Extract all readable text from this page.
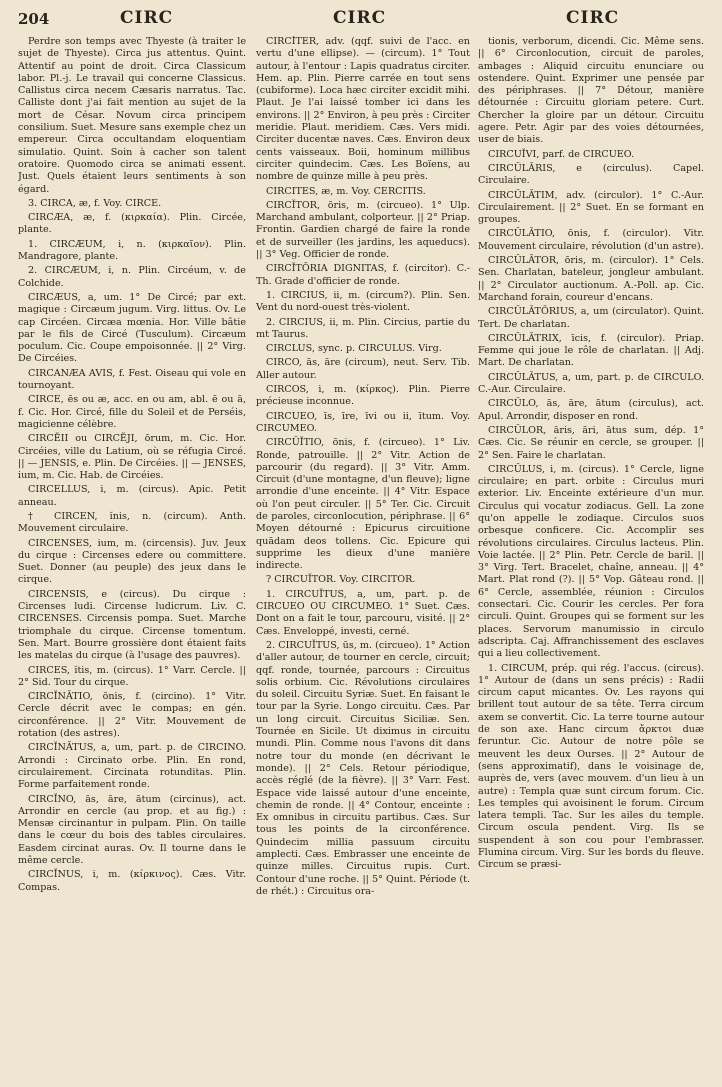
204	CIRC	CIRC	CIRC

Perdre son temps avec Thyeste (à traiter le sujet de Thyeste). Circa jus attentus. Quint. Attentif au point de droit. Circa Classicum labor. Pl.-j. Le travail qui concerne Classicus. Callistus circa necem Cæsaris narratus. Tac. Calliste dont j'ai fait mention au sujet de la mort de César. Novum circa principem consilium. Suet. Mesure sans exemple chez un empereur. Circa occultandam eloquentiam simulatio. Quint. Soin à cacher son talent oratoire. Quomodo circa se animati essent. Just. Quels étaient leurs sentiments à son égard.

3. CIRCA, æ, f. Voy. CIRCE.

CIRCÆA, æ, f. (κιρκαία). Plin. Circée, plante.

1. CIRCÆUM, i, n. (κιρκαῖον). Plin. Mandragore, plante.

2. CIRCÆUM, i, n. Plin. Circéum, v. de Colchide.

CIRCÆUS, a, um. 1° De Circé; par ext. magique : Circæum jugum. Virg. littus. Ov. Le cap Circéen. Circæa mœnia. Hor. Ville bâtie par le fils de Circé (Tusculum). Circæum poculum. Cic. Coupe empoisonnée. || 2° Virg. De Circéies.

CIRCANÆA AVIS, f. Fest. Oiseau qui vole en tournoyant.

CIRCE, ēs ou æ, acc. en ou am, abl. ē ou ā, f. Cic. Hor. Circé, fille du Soleil et de Perséis, magicienne célèbre.

CIRCĔII ou CIRCĔJI, ōrum, m. Cic. Hor. Circéies, ville du Latium, où se réfugia Circé. || — JENSIS, e. Plin. De Circéies. || — JENSES, ium, m. Cic. Hab. de Circéies.

CIRCELLUS, i, m. (circus). Apic. Petit anneau.

† CIRCEN, ĭnis, n. (circum). Anth. Mouvement circulaire.

CIRCENSES, ium, m. (circensis). Juv. Jeux du cirque : Circenses edere ou committere. Suet. Donner (au peuple) des jeux dans le cirque.

CIRCENSIS, e (circus). Du cirque : Circenses ludi. Circense ludicrum. Liv. C. CIRCENSES. Circensis pompa. Suet. Marche triomphale du cirque. Circense tomentum. Sen. Mart. Bourre grossière dont étaient faits les matelas du cirque (à l'usage des pauvres).

CIRCES, ĭtis, m. (circus). 1° Varr. Cercle. || 2° Sid. Tour du cirque.

CIRCĬNĀTIO, ōnis, f. (circino). 1° Vitr. Cercle décrit avec le compas; en gén. circonférence. || 2° Vitr. Mouvement de rotation (des astres).

CIRCĬNĀTUS, a, um, part. p. de CIRCINO. Arrondi : Circinato orbe. Plin. En rond, circulairement. Circinata rotunditas. Plin. Forme parfaitement ronde.

CIRCĬNO, ās, āre, ātum (circinus), act. Arrondir en cercle (au prop. et au fig.) : Mensæ circinantur in pulpam. Plin. On taille dans le cœur du bois des tables circulaires. Easdem circinat auras. Ov. Il tourne dans le même cercle.

CIRCĬNUS, i, m. (κίρκινος). Cæs. Vitr. Compas.

CIRCĬTER, adv. (qqf. suivi de l'acc. en vertu d'une ellipse). — (circum). 1° Tout autour, à l'entour : Lapis quadratus circiter. Hem. ap. Plin. Pierre carrée en tout sens (cubiforme). Loca hæc circiter excidit mihi. Plaut. Je l'ai laissé tomber ici dans les environs. || 2° Environ, à peu près : Circiter meridie. Plaut. meridiem. Cæs. Vers midi. Circiter ducentæ naves. Cæs. Environ deux cents vaisseaux. Boii, hominum millibus circiter quindecim. Cæs. Les Boïens, au nombre de quinze mille à peu près.

CIRCITES, æ, m. Voy. CERCITIS.

CIRCĬTOR, ōris, m. (circueo). 1° Ulp. Marchand ambulant, colporteur. || 2° Priap. Frontin. Gardien chargé de faire la ronde et de surveiller (les jardins, les aqueducs). || 3° Veg. Officier de ronde.

CIRCĬTŌRIA DIGNITAS, f. (circitor). C.-Th. Grade d'officier de ronde.

1. CIRCIUS, ii, m. (circum?). Plin. Sen. Vent du nord-ouest très-violent.

2. CIRCIUS, ii, m. Plin. Circius, partie du mt Taurus.

CIRCLUS, sync. p. CIRCULUS. Virg.

CIRCO, ās, āre (circum), neut. Serv. Tib. Aller autour.

CIRCOS, i, m. (κίρκος). Plin. Pierre précieuse inconnue.

CIRCUEO, īs, īre, īvi ou ii, ītum. Voy. CIRCUMEO.

CIRCŬĬTIO, ōnis, f. (circueo). 1° Liv. Ronde, patrouille. || 2° Vitr. Action de parcourir (du regard). || 3° Vitr. Amm. Circuit (d'une montagne, d'un fleuve); ligne arrondie d'une enceinte. || 4° Vitr. Espace où l'on peut circuler. || 5° Ter. Cic. Circuit de paroles, circonlocution, périphrase. || 6° Moyen détourné : Epicurus circuitione quādam deos tollens. Cic. Epicure qui supprime les dieux d'une manière indirecte.

? CIRCUĬTOR. Voy. CIRCITOR.

1. CIRCUĬTUS, a, um, part. p. de CIRCUEO OU CIRCUMEO. 1° Suet. Cæs. Dont on a fait le tour, parcouru, visité. || 2° Cæs. Enveloppé, investi, cerné.

2. CIRCUĬTUS, ūs, m. (circueo). 1° Action d'aller autour, de tourner en cercle, circuit; qqf. ronde, tournée, parcours : Circuitus solis orbium. Cic. Révolutions circulaires du soleil. Circuitu Syriæ. Suet. En faisant le tour par la Syrie. Longo circuitu. Cæs. Par un long circuit. Circuitus Siciliæ. Sen. Tournée en Sicile. Ut diximus in circuitu mundi. Plin. Comme nous l'avons dit dans notre tour du monde (en décrivant le monde). || 2° Cels. Retour périodique, accès réglé (de la fièvre). || 3° Varr. Fest. Espace vide laissé autour d'une enceinte, chemin de ronde. || 4° Contour, enceinte : Ex omnibus in circuitu partibus. Cæs. Sur tous les points de la circonférence. Quindecim millia passuum circuitu amplecti. Cæs. Embrasser une enceinte de quinze milles. Circuitus rupis. Curt. Contour d'une roche. || 5° Quint. Période (t. de rhét.) : Circuitus ora-

tionis, verborum, dicendi. Cic. Même sens. || 6° Circonlocution, circuit de paroles, ambages : Aliquid circuitu enunciare ou ostendere. Quint. Exprimer une pensée par des périphrases. || 7° Détour, manière détournée : Circuitu gloriam petere. Curt. Chercher la gloire par un détour. Circuitu agere. Petr. Agir par des voies détournées, user de biais.

CIRCUĬVI, parf. de CIRCUEO.

CIRCŬLĀRIS, e (circulus). Capel. Circulaire.

CIRCŬLĀTIM, adv. (circulor). 1° C.-Aur. Circulairement. || 2° Suet. En se formant en groupes.

CIRCŬLĀTIO, ōnis, f. (circulor). Vitr. Mouvement circulaire, révolution (d'un astre).

CIRCŬLĀTOR, ōris, m. (circulor). 1° Cels. Sen. Charlatan, bateleur, jongleur ambulant. || 2° Circulator auctionum. A.-Poll. ap. Cic. Marchand forain, coureur d'encans.

CIRCŬLĀTŌRIUS, a, um (circulator). Quint. Tert. De charlatan.

CIRCŬLĀTRIX, īcis, f. (circulor). Priap. Femme qui joue le rôle de charlatan. || Adj. Mart. De charlatan.

CIRCŬLĀTUS, a, um, part. p. de CIRCULO. C.-Aur. Circulaire.

CIRCŬLO, ās, āre, ātum (circulus), act. Apul. Arrondir, disposer en rond.

CIRCŬLOR, āris, āri, ātus sum, dép. 1° Cæs. Cic. Se réunir en cercle, se grouper. || 2° Sen. Faire le charlatan.

CIRCŬLUS, i, m. (circus). 1° Cercle, ligne circulaire; en part. orbite : Circulus muri exterior. Liv. Enceinte extérieure d'un mur. Circulus qui vocatur zodiacus. Gell. La zone qu'on appelle le zodiaque. Circulos suos orbesque conficere. Cic. Accomplir ses révolutions circulaires. Circulus lacteus. Plin. Voie lactée. || 2° Plin. Petr. Cercle de baril. || 3° Virg. Tert. Bracelet, chaîne, anneau. || 4° Mart. Plat rond (?). || 5° Vop. Gâteau rond. || 6° Cercle, assemblée, réunion : Circulos consectari. Cic. Courir les cercles. Per fora circuli. Quint. Groupes qui se forment sur les places. Servorum manumissio in circulo adscripta. Caj. Affranchissement des esclaves qui a lieu collectivement.

1. CIRCUM, prép. qui rég. l'accus. (circus). 1° Autour de (dans un sens précis) : Radii circum caput micantes. Ov. Les rayons qui brillent tout autour de sa tête. Terra circum axem se convertit. Cic. La terre tourne autour de son axe. Hanc circum ἄρκτοι duæ feruntur. Cic. Autour de notre pôle se meuvent les deux Ourses. || 2° Autour de (sens approximatif), dans le voisinage de, auprès de, vers (avec mouvem. d'un lieu à un autre) : Templa quæ sunt circum forum. Cic. Les temples qui avoisinent le forum. Circum latera templi. Tac. Sur les ailes du temple. Circum oscula pendent. Virg. Ils se suspendent à son cou pour l'embrasser. Flumina circum. Virg. Sur les bords du fleuve. Circum se præsi-
